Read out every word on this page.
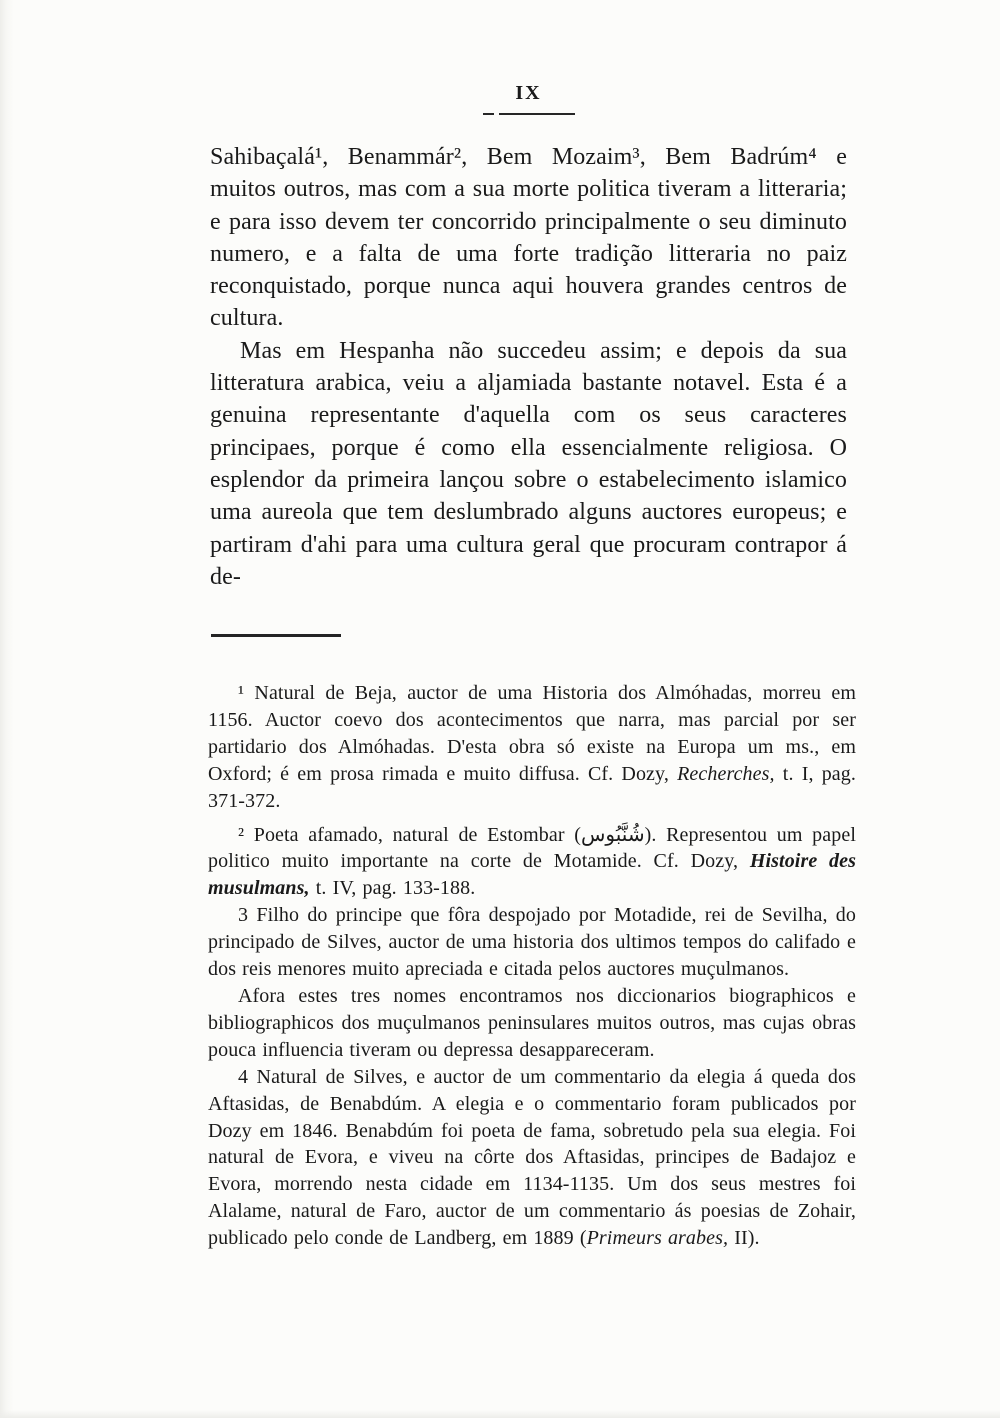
IX

Sahibaçalá¹, Benammár², Bem Mozaim³, Bem Badrúm⁴ e muitos outros, mas com a sua morte politica tiveram a litteraria; e para isso devem ter concorrido principalmente o seu diminuto numero, e a falta de uma forte tradição litteraria no paiz reconquistado, porque nunca aqui houvera grandes centros de cultura.

Mas em Hespanha não succedeu assim; e depois da sua litteratura arabica, veiu a aljamiada bastante notavel. Esta é a genuina representante d'aquella com os seus caracteres principaes, porque é como ella essencialmente religiosa. O esplendor da primeira lançou sobre o estabelecimento islamico uma aureola que tem deslumbrado alguns auctores europeus; e partiram d'ahi para uma cultura geral que procuram contrapor á de-

¹ Natural de Beja, auctor de uma Historia dos Almóhadas, morreu em 1156. Auctor coevo dos acontecimentos que narra, mas parcial por ser partidario dos Almóhadas. D'esta obra só existe na Europa um ms., em Oxford; é em prosa rimada e muito diffusa. Cf. Dozy, Recherches, t. I, pag. 371-372.

² Poeta afamado, natural de Estombar (شُنَّبُوس). Representou um papel politico muito importante na corte de Motamide. Cf. Dozy, Histoire des musulmans, t. IV, pag. 133-188.

3 Filho do principe que fôra despojado por Motadide, rei de Sevilha, do principado de Silves, auctor de uma historia dos ultimos tempos do califado e dos reis menores muito apreciada e citada pelos auctores muçulmanos.

Afora estes tres nomes encontramos nos diccionarios biographicos e bibliographicos dos muçulmanos peninsulares muitos outros, mas cujas obras pouca influencia tiveram ou depressa desappareceram.

4 Natural de Silves, e auctor de um commentario da elegia á queda dos Aftasidas, de Benabdúm. A elegia e o commentario foram publicados por Dozy em 1846. Benabdúm foi poeta de fama, sobretudo pela sua elegia. Foi natural de Evora, e viveu na côrte dos Aftasidas, principes de Badajoz e Evora, morrendo nesta cidade em 1134-1135. Um dos seus mestres foi Alalame, natural de Faro, auctor de um commentario ás poesias de Zohair, publicado pelo conde de Landberg, em 1889 (Primeurs arabes, II).
